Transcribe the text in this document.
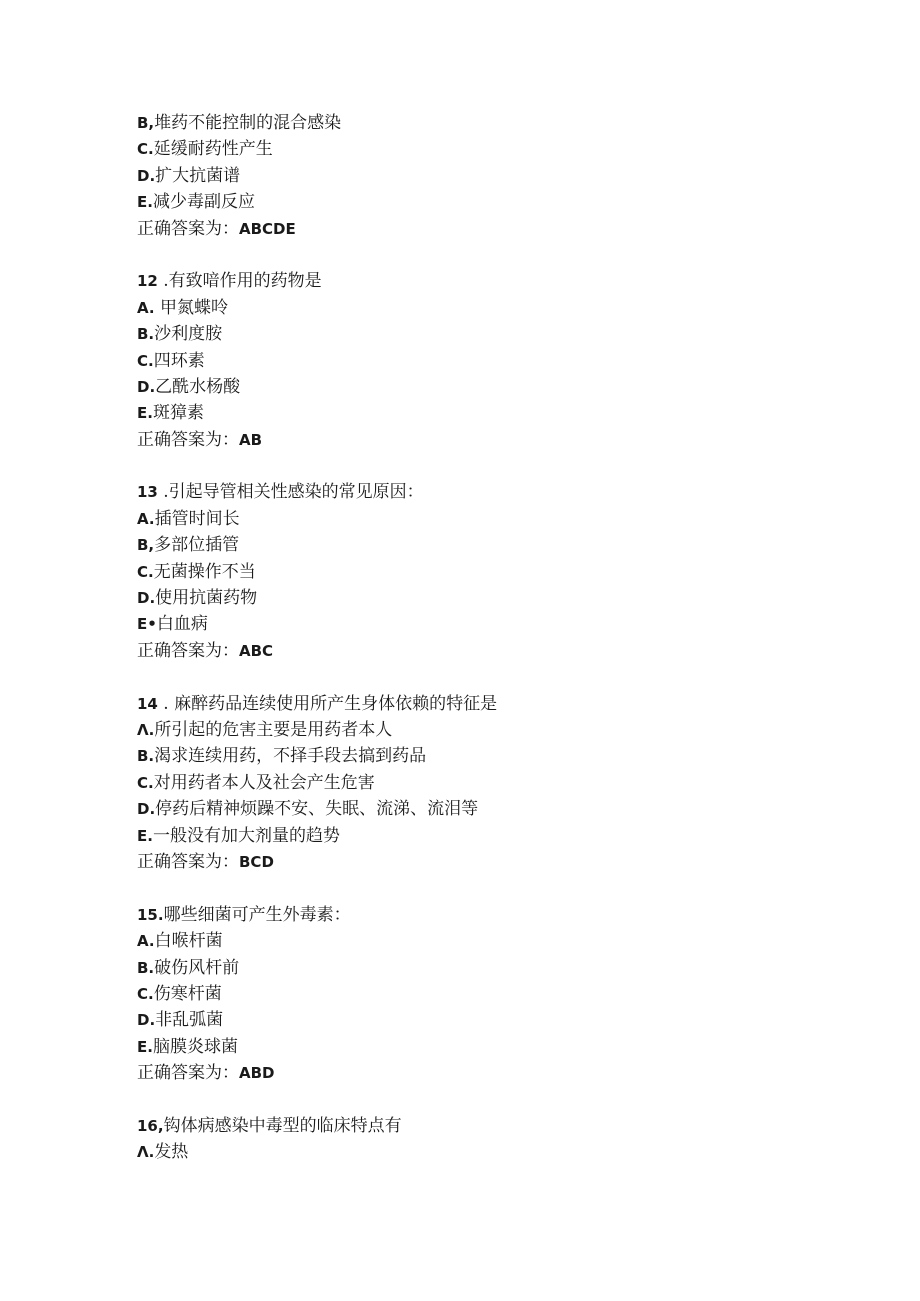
B,堆药不能控制的混合感染
C.延缓耐药性产生
D.扩大抗菌谱
E.减少毒副反应
正确答案为：ABCDE
12 .有致喑作用的药物是
A. 甲氮蝶呤
B.沙利度胺
C.四环素
D.乙酰水杨酸
E.斑獐素
正确答案为：AB
13 .引起导管相关性感染的常见原因：
A.插管时间长
B,多部位插管
C.无菌操作不当
D.使用抗菌药物
E•白血病
正确答案为：ABC
14 . 麻醉药品连续使用所产生身体依赖的特征是
Λ.所引起的危害主要是用药者本人
B.渴求连续用药，不择手段去搞到药品
C.对用药者本人及社会产生危害
D.停药后精神烦躁不安、失眠、流涕、流泪等
E.一般没有加大剂量的趋势
正确答案为：BCD
15.哪些细菌可产生外毒素：
A.白喉杆菌
B.破伤风杆前
C.伤寒杆菌
D.非乱弧菌
E.脑膜炎球菌
正确答案为：ABD
16,钩体病感染中毒型的临床特点有
Λ.发热
